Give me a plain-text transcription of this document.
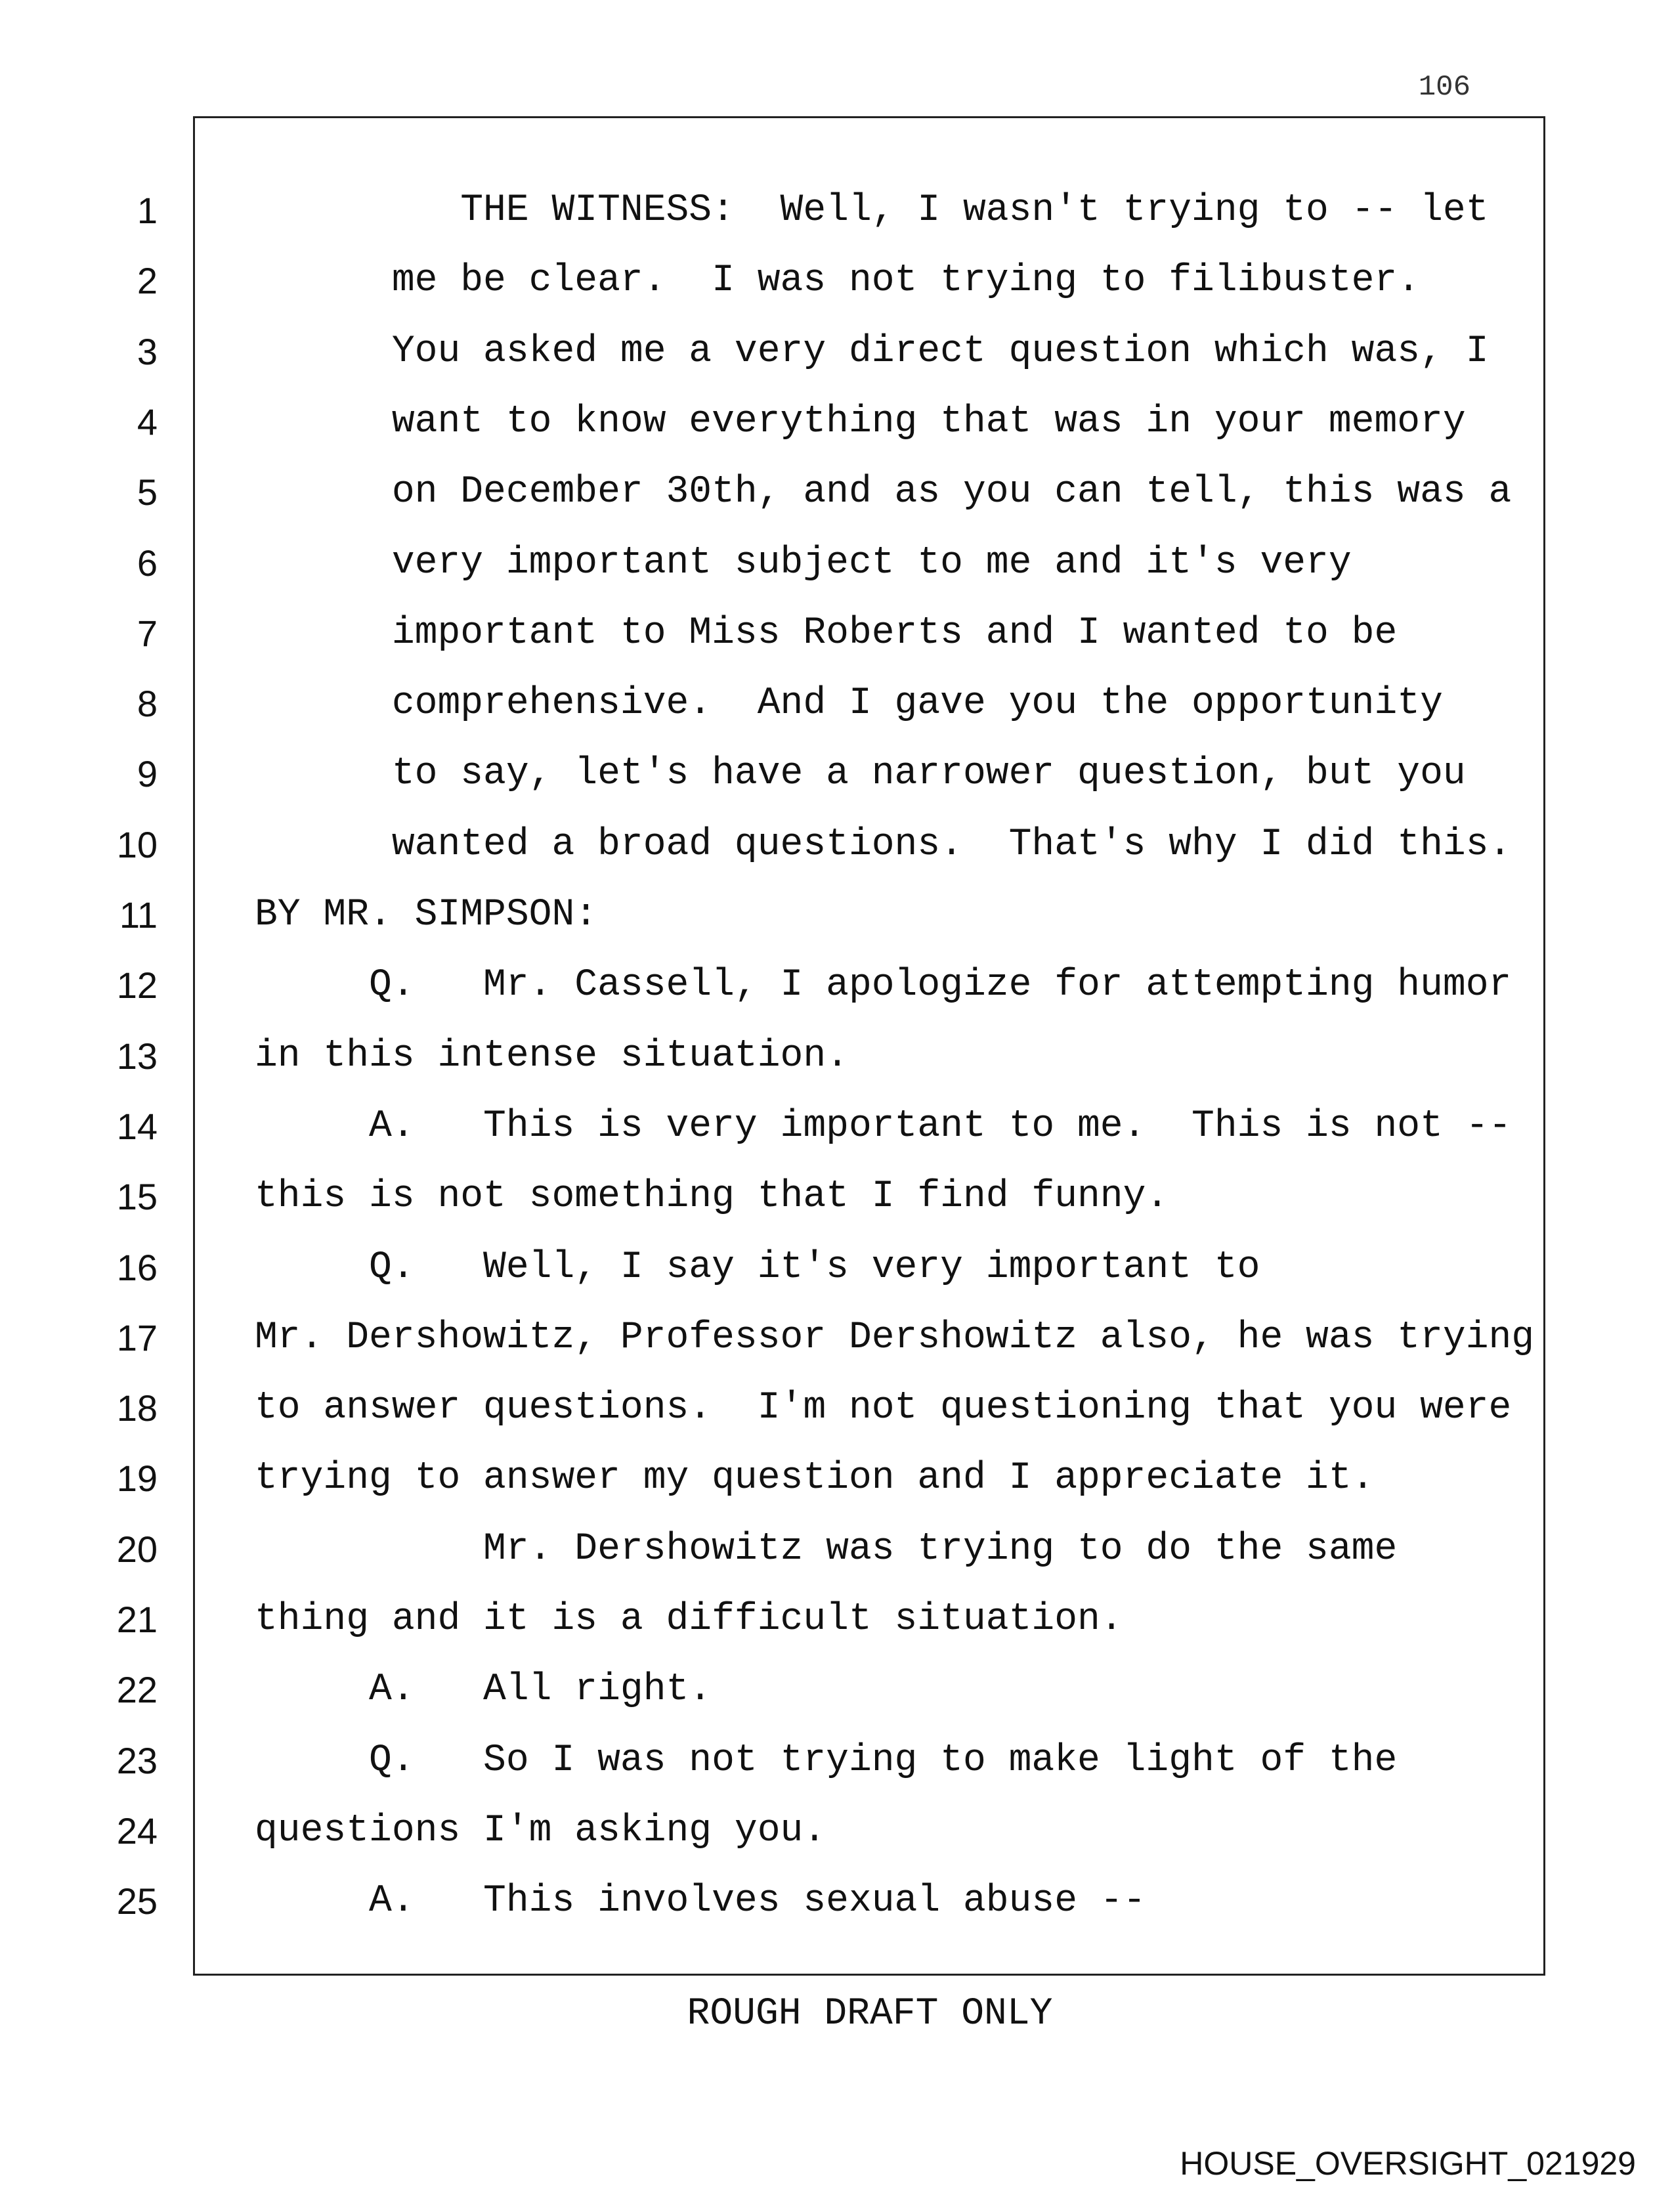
106
1	THE WITNESS:  Well, I wasn't trying to -- let
2	me be clear.  I was not trying to filibuster.
3	You asked me a very direct question which was, I
4	want to know everything that was in your memory
5	on December 30th, and as you can tell, this was a
6	very important subject to me and it's very
7	important to Miss Roberts and I wanted to be
8	comprehensive.  And I gave you the opportunity
9	to say, let's have a narrower question, but you
10	wanted a broad questions.  That's why I did this.
11	BY MR. SIMPSON:
12	Q.   Mr. Cassell, I apologize for attempting humor
13	in this intense situation.
14	A.   This is very important to me.  This is not --
15	this is not something that I find funny.
16	Q.   Well, I say it's very important to
17	Mr. Dershowitz, Professor Dershowitz also, he was trying
18	to answer questions.  I'm not questioning that you were
19	trying to answer my question and I appreciate it.
20	Mr. Dershowitz was trying to do the same
21	thing and it is a difficult situation.
22	A.   All right.
23	Q.   So I was not trying to make light of the
24	questions I'm asking you.
25	A.   This involves sexual abuse --
ROUGH DRAFT ONLY
HOUSE_OVERSIGHT_021929
